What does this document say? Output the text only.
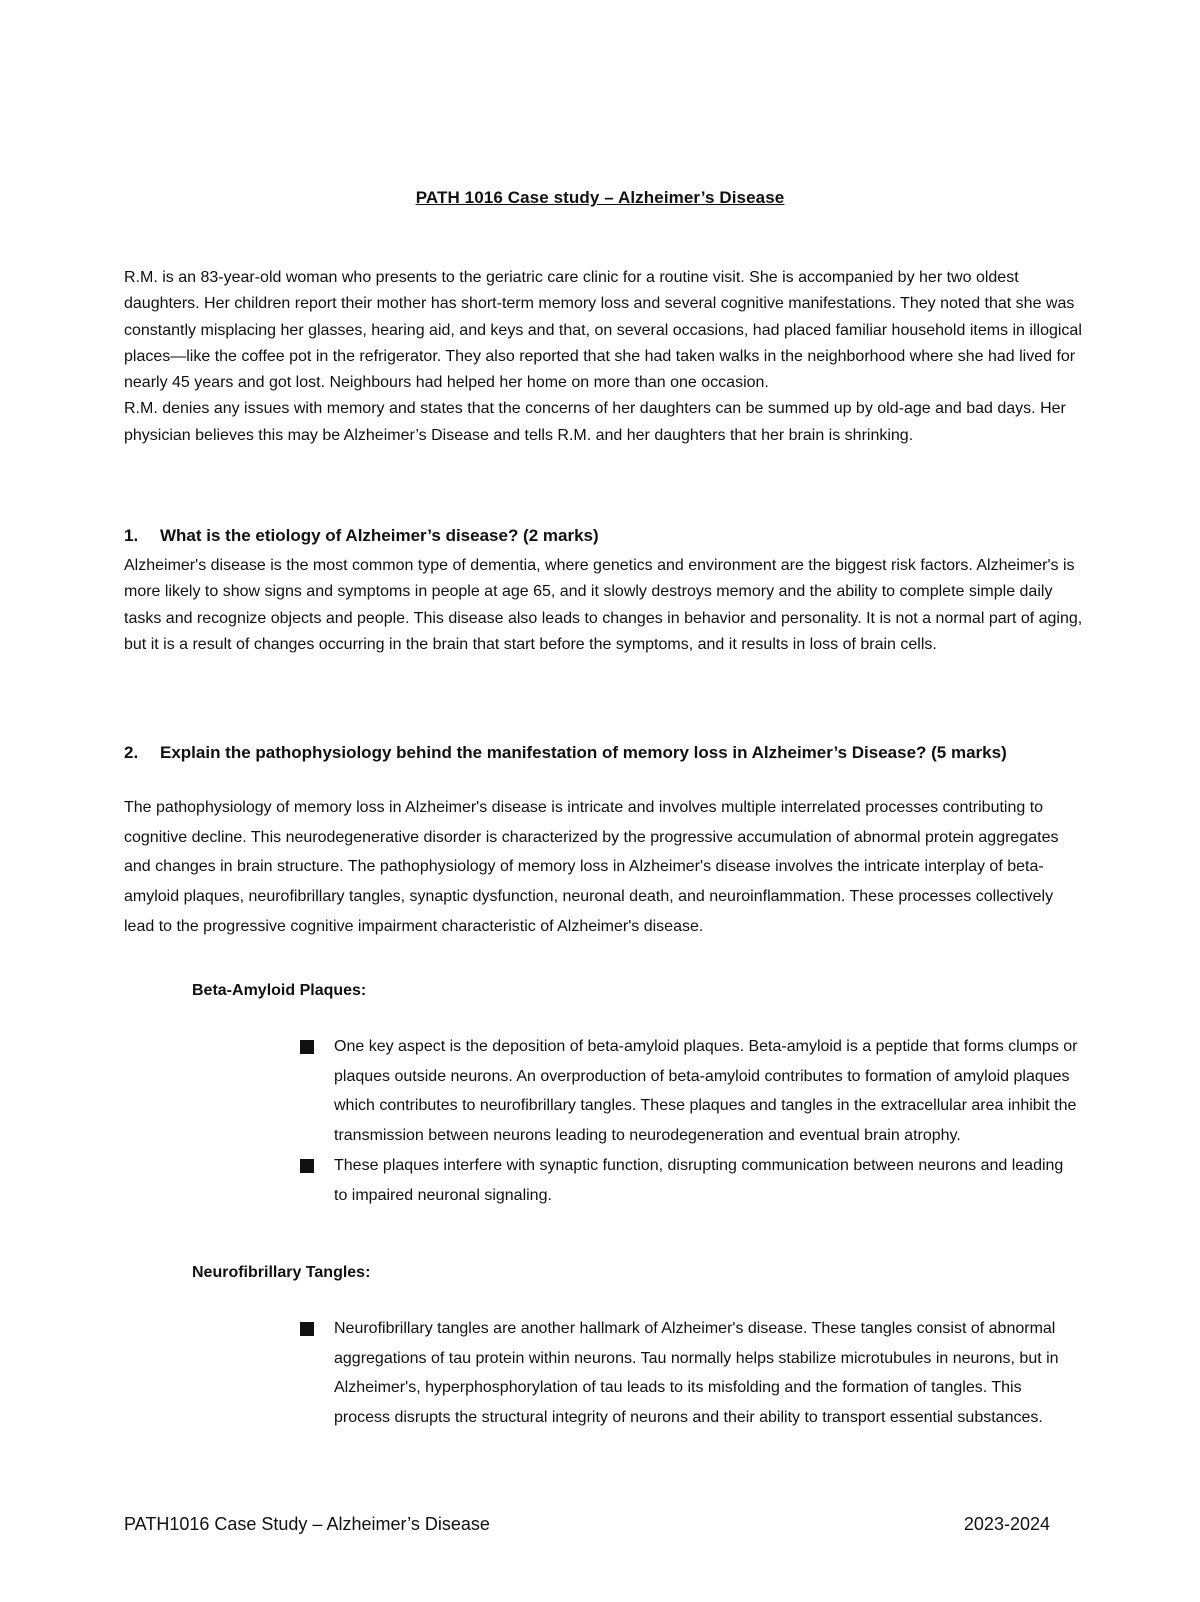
PATH 1016 Case study – Alzheimer’s Disease

R.M. is an 83-year-old woman who presents to the geriatric care clinic for a routine visit. She is accompanied by her two oldest daughters. Her children report their mother has short-term memory loss and several cognitive manifestations. They noted that she was constantly misplacing her glasses, hearing aid, and keys and that, on several occasions, had placed familiar household items in illogical places—like the coffee pot in the refrigerator. They also reported that she had taken walks in the neighborhood where she had lived for nearly 45 years and got lost. Neighbours had helped her home on more than one occasion.

R.M. denies any issues with memory and states that the concerns of her daughters can be summed up by old-age and bad days. Her physician believes this may be Alzheimer’s Disease and tells R.M. and her daughters that her brain is shrinking.

1. What is the etiology of Alzheimer’s disease? (2 marks)
Alzheimer's disease is the most common type of dementia, where genetics and environment are the biggest risk factors. Alzheimer's is more likely to show signs and symptoms in people at age 65, and it slowly destroys memory and the ability to complete simple daily tasks and recognize objects and people. This disease also leads to changes in behavior and personality. It is not a normal part of aging, but it is a result of changes occurring in the brain that start before the symptoms, and it results in loss of brain cells.
2. Explain the pathophysiology behind the manifestation of memory loss in Alzheimer’s Disease? (5 marks)
The pathophysiology of memory loss in Alzheimer's disease is intricate and involves multiple interrelated processes contributing to cognitive decline. This neurodegenerative disorder is characterized by the progressive accumulation of abnormal protein aggregates and changes in brain structure. The pathophysiology of memory loss in Alzheimer's disease involves the intricate interplay of beta-amyloid plaques, neurofibrillary tangles, synaptic dysfunction, neuronal death, and neuroinflammation. These processes collectively lead to the progressive cognitive impairment characteristic of Alzheimer's disease.
Beta-Amyloid Plaques:
One key aspect is the deposition of beta-amyloid plaques. Beta-amyloid is a peptide that forms clumps or plaques outside neurons. An overproduction of beta-amyloid contributes to formation of amyloid plaques which contributes to neurofibrillary tangles. These plaques and tangles in the extracellular area inhibit the transmission between neurons leading to neurodegeneration and eventual brain atrophy.
These plaques interfere with synaptic function, disrupting communication between neurons and leading to impaired neuronal signaling.
Neurofibrillary Tangles:
Neurofibrillary tangles are another hallmark of Alzheimer's disease. These tangles consist of abnormal aggregations of tau protein within neurons. Tau normally helps stabilize microtubules in neurons, but in Alzheimer's, hyperphosphorylation of tau leads to its misfolding and the formation of tangles. This process disrupts the structural integrity of neurons and their ability to transport essential substances.
PATH1016 Case Study – Alzheimer’s Disease	2023-2024
